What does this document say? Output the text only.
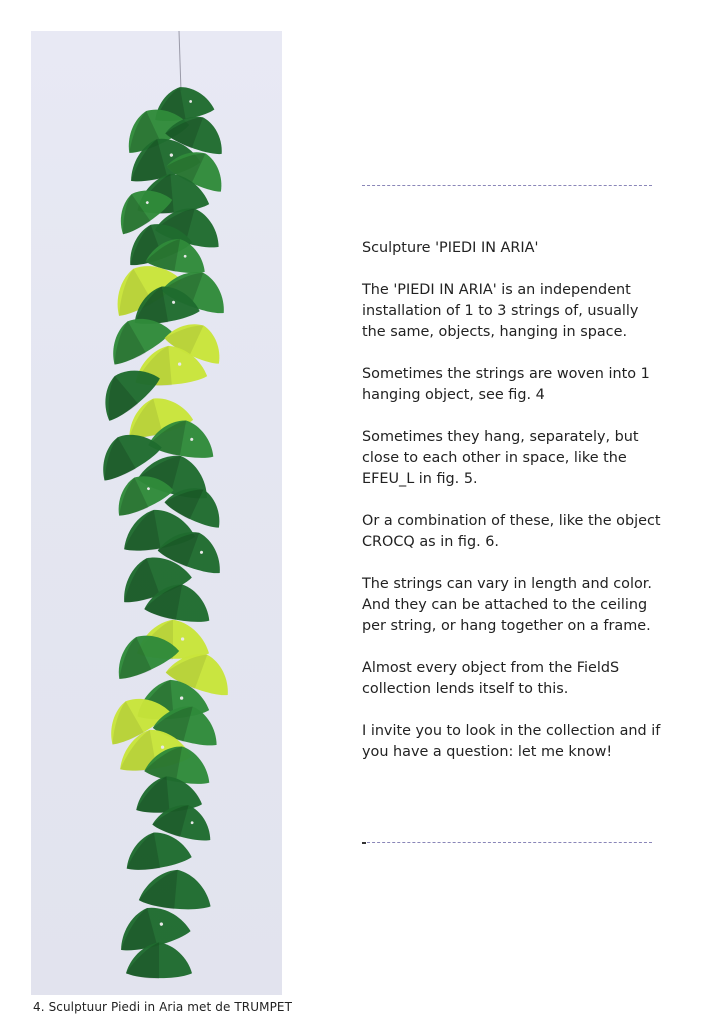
4. Sculptuur Piedi in Aria met de TRUMPET

Sculpture 'PIEDI IN ARIA'

The 'PIEDI IN ARIA' is an independent installation of 1 to 3 strings of, usually the same, objects, hanging in space.

Sometimes the strings are woven into 1 hanging object, see fig. 4

Sometimes they hang, separately, but close to each other in space, like the EFEU_L in fig. 5.

Or a combination of these, like the object CROCQ as in fig. 6.

The strings can vary in length and color. And they can be attached to the ceiling per string, or hang together on a frame.

Almost every object from the FieldS collection lends itself to this.

I invite you to look in the collection and if you have a question: let me know!
